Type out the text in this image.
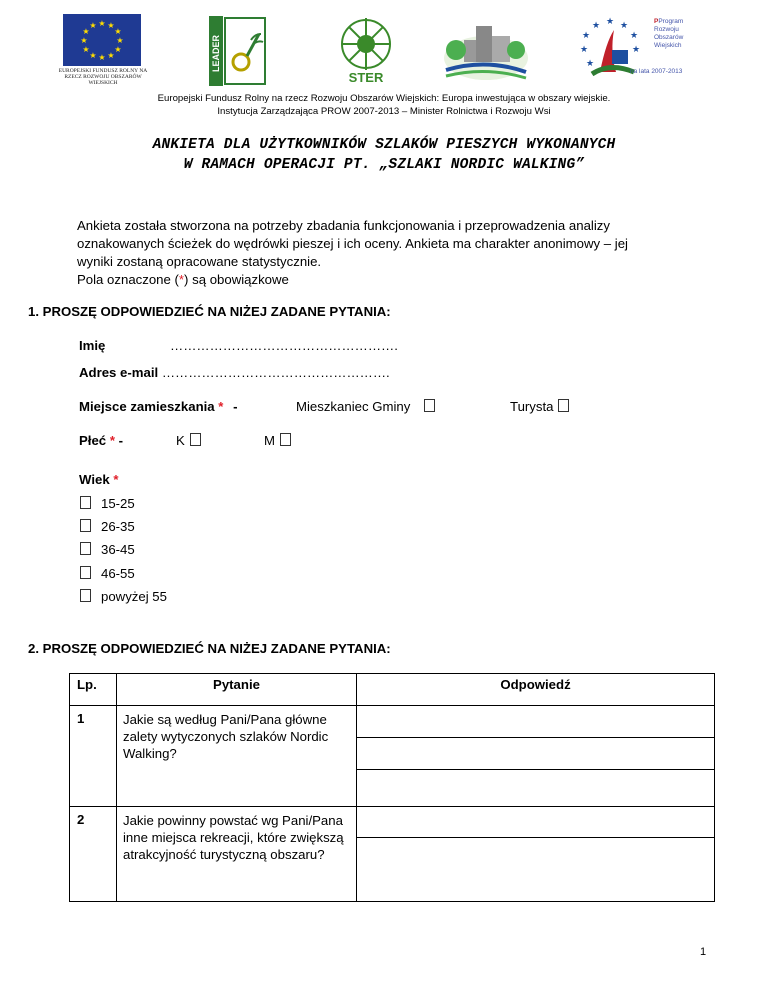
★ ★
★
★
★
★
★
★
★
★
★
★
EUROPEJSKI FUNDUSZ ROLNY NA RZECZ ROZWOJU OBSZARÓW WIEJSKICH
LEADER
STER
★ ★
★
★
★
★
★
★
PProgram
Rozwoju
Obszarów
Wiejskich
na lata 2007-2013
Europejski Fundusz Rolny na rzecz Rozwoju Obszarów Wiejskich: Europa inwestująca w obszary wiejskie.
Instytucja Zarządzająca PROW 2007-2013 – Minister Rolnictwa i Rozwoju Wsi
ANKIETA DLA UŻYTKOWNIKÓW SZLAKÓW PIESZYCH WYKONANYCH
W RAMACH OPERACJI PT. „SZLAKI NORDIC WALKING”
Ankieta została stworzona na potrzeby zbadania funkcjonowania i przeprowadzenia analizy
oznakowanych ścieżek do wędrówki pieszej i ich oceny. Ankieta ma charakter anonimowy – jej
wyniki zostaną opracowane statystycznie.
Pola oznaczone (*) są obowiązkowe
1. PROSZĘ ODPOWIEDZIEĆ NA NIŻEJ ZADANE PYTANIA:
Imię	…………………………………………….
Adres e-mail …………………………………………….
Miejsce zamieszkania * -	Mieszkaniec Gminy	Turysta
Płeć * -	K	M
Wiek *
15-25
26-35
36-45
46-55
powyżej 55
2. PROSZĘ ODPOWIEDZIEĆ NA NIŻEJ ZADANE PYTANIA:
Lp.	Pytanie	Odpowiedź
1	Jakie są według Pani/Pana główne zalety wytyczonych szlaków Nordic Walking?	

2	Jakie powinny powstać wg Pani/Pana inne miejsca rekreacji, które zwiększą atrakcyjność turystyczną obszaru?	
1
